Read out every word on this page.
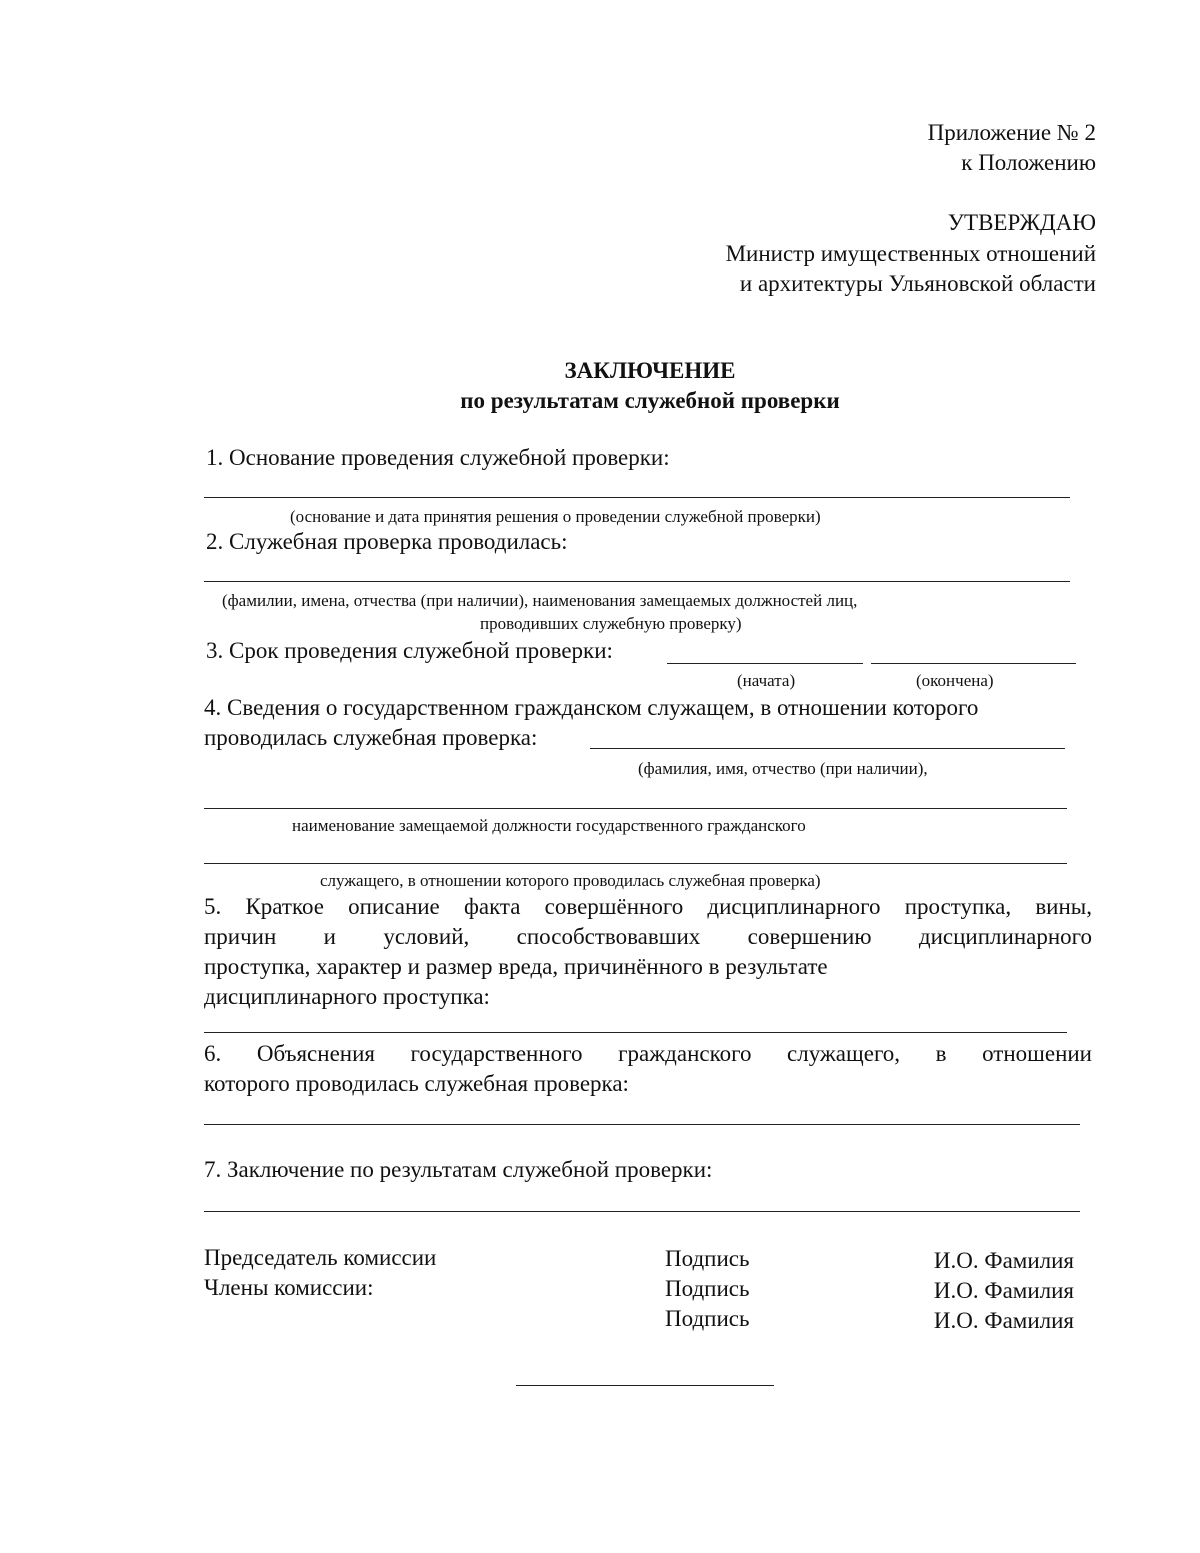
Приложение № 2
к Положению
УТВЕРЖДАЮ
Министр имущественных отношений
и архитектуры Ульяновской области
ЗАКЛЮЧЕНИЕ
по результатам служебной проверки
1. Основание проведения служебной проверки:
(основание и дата принятия решения о проведении служебной проверки)
2. Служебная проверка проводилась:
(фамилии, имена, отчества (при наличии), наименования замещаемых должностей лиц,
проводивших служебную проверку)
3. Срок проведения служебной проверки:
(начата)	(окончена)
4. Сведения о государственном гражданском служащем, в отношении которого
проводилась служебная проверка:
(фамилия, имя, отчество (при наличии),
наименование замещаемой должности государственного гражданского
служащего, в отношении которого проводилась служебная проверка)
5. Краткое описание факта совершённого дисциплинарного проступка, вины,
причин и условий, способствовавших совершению дисциплинарного
проступка, характер и размер вреда, причинённого в результате
дисциплинарного проступка:
6. Объяснения государственного гражданского служащего, в отношении
которого проводилась служебная проверка:
7. Заключение по результатам служебной проверки:
Председатель комиссии
Члены комиссии:
Подпись
Подпись
Подпись
И.О. Фамилия
И.О. Фамилия
И.О. Фамилия
